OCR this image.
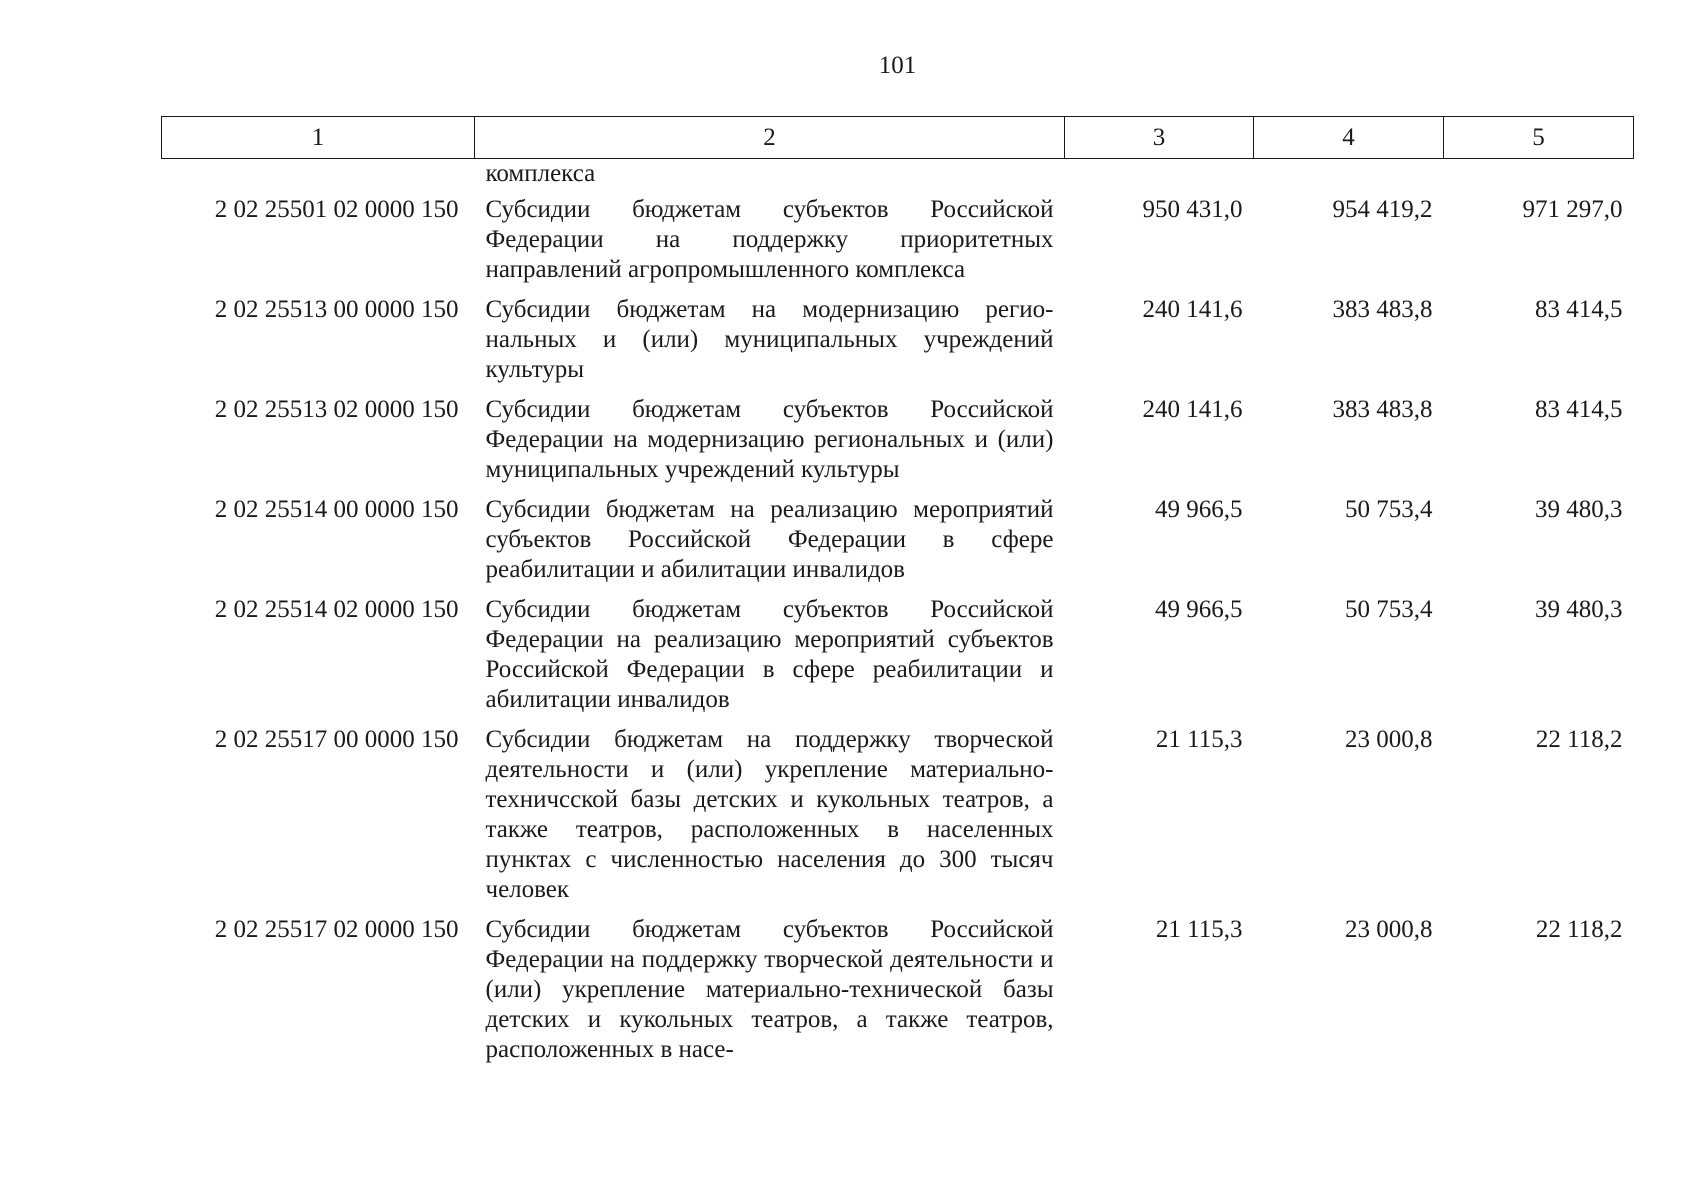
101
1	2	3	4	5
	комплекса			
2 02 25501 02 0000 150	Субсидии бюджетам субъектов Российской Федерации на поддержку приоритетных направлений агропромышленного комплекса	950 431,0	954 419,2	971 297,0
2 02 25513 00 0000 150	Субсидии бюджетам на модернизацию региональных и (или) муниципальных учреждений культуры	240 141,6	383 483,8	83 414,5
2 02 25513 02 0000 150	Субсидии бюджетам субъектов Российской Федерации на модернизацию региональных и (или) муниципальных учреждений культуры	240 141,6	383 483,8	83 414,5
2 02 25514 00 0000 150	Субсидии бюджетам на реализацию мероприятий субъектов Российской Федерации в сфере реабилитации и абилитации инвалидов	49 966,5	50 753,4	39 480,3
2 02 25514 02 0000 150	Субсидии бюджетам субъектов Российской Федерации на реализацию мероприятий субъектов Российской Федерации в сфере реабилитации и абилитации инвалидов	49 966,5	50 753,4	39 480,3
2 02 25517 00 0000 150	Субсидии бюджетам на поддержку творческой деятельности и (или) укрепление материально-техничсской базы детских и кукольных театров, а также театров, расположенных в населенных пунктах с численностью населения до 300 тысяч человек	21 115,3	23 000,8	22 118,2
2 02 25517 02 0000 150	Субсидии бюджетам субъектов Российской Федерации на поддержку творческой деятельности и (или) укрепление материально-технической базы детских и кукольных театров, а также театров, расположенных в насе-	21 115,3	23 000,8	22 118,2
